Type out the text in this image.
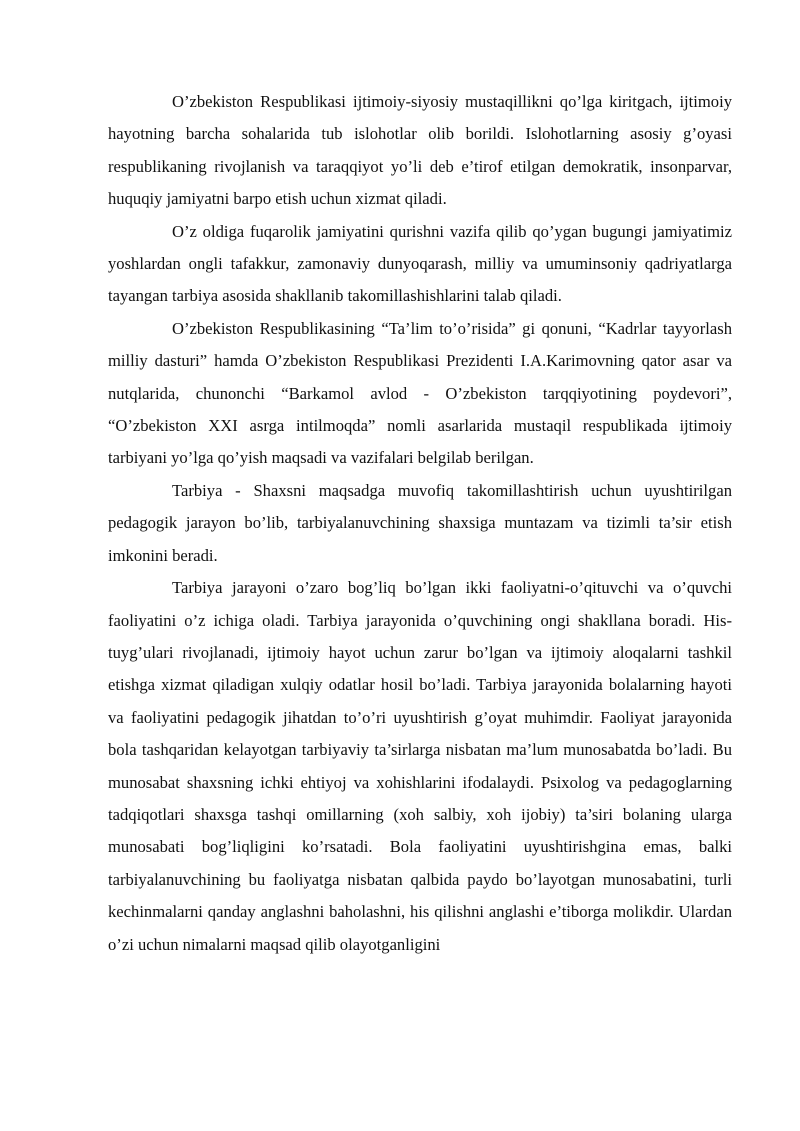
O’zbekiston Respublikasi ijtimoiy-siyosiy mustaqillikni qo’lga kiritgach, ijtimoiy hayotning barcha sohalarida tub islohotlar olib borildi. Islohotlarning asosiy g’oyasi respublikaning rivojlanish va taraqqiyot yo’li deb e’tirof etilgan demokratik, insonparvar, huquqiy jamiyatni barpo etish uchun xizmat qiladi.

O’z oldiga fuqarolik jamiyatini qurishni vazifa qilib qo’ygan bugungi jamiyatimiz yoshlardan ongli tafakkur, zamonaviy dunyoqarash, milliy va umuminsoniy qadriyatlarga tayangan tarbiya asosida shakllanib takomillashishlarini talab qiladi.

O’zbekiston Respublikasining “Ta’lim to’o’risida” gi qonuni, “Kadrlar tayyorlash milliy dasturi” hamda O’zbekiston Respublikasi Prezidenti I.A.Karimovning qator asar va nutqlarida, chunonchi “Barkamol avlod - O’zbekiston tarqqiyotining poydevori”, “O’zbekiston XXI asrga intilmoqda” nomli asarlarida mustaqil respublikada ijtimoiy tarbiyani yo’lga qo’yish maqsadi va vazifalari belgilab berilgan.

Tarbiya - Shaxsni maqsadga muvofiq takomillashtirish uchun uyushtirilgan pedagogik jarayon bo’lib, tarbiyalanuvchining shaxsiga muntazam va tizimli ta’sir etish imkonini beradi.

Tarbiya jarayoni o’zaro bog’liq bo’lgan ikki faoliyatni-o’qituvchi va o’quvchi faoliyatini o’z ichiga oladi. Tarbiya jarayonida o’quvchining ongi shakllana boradi. His-tuyg’ulari rivojlanadi, ijtimoiy hayot uchun zarur bo’lgan va ijtimoiy aloqalarni tashkil etishga xizmat qiladigan xulqiy odatlar hosil bo’ladi. Tarbiya jarayonida bolalarning hayoti va faoliyatini pedagogik jihatdan to’o’ri uyushtirish g’oyat muhimdir. Faoliyat jarayonida bola tashqaridan kelayotgan tarbiyaviy ta’sirlarga nisbatan ma’lum munosabatda bo’ladi. Bu munosabat shaxsning ichki ehtiyoj va xohishlarini ifodalaydi. Psixolog va pedagoglarning tadqiqotlari shaxsga tashqi omillarning (xoh salbiy, xoh ijobiy) ta’siri bolaning ularga munosabati bog’liqligini ko’rsatadi. Bola faoliyatini uyushtirishgina emas, balki tarbiyalanuvchining bu faoliyatga nisbatan qalbida paydo bo’layotgan munosabatini, turli kechinmalarni qanday anglashni baholashni, his qilishni anglashi e’tiborga molikdir. Ulardan o’zi uchun nimalarni maqsad qilib olayotganligini
